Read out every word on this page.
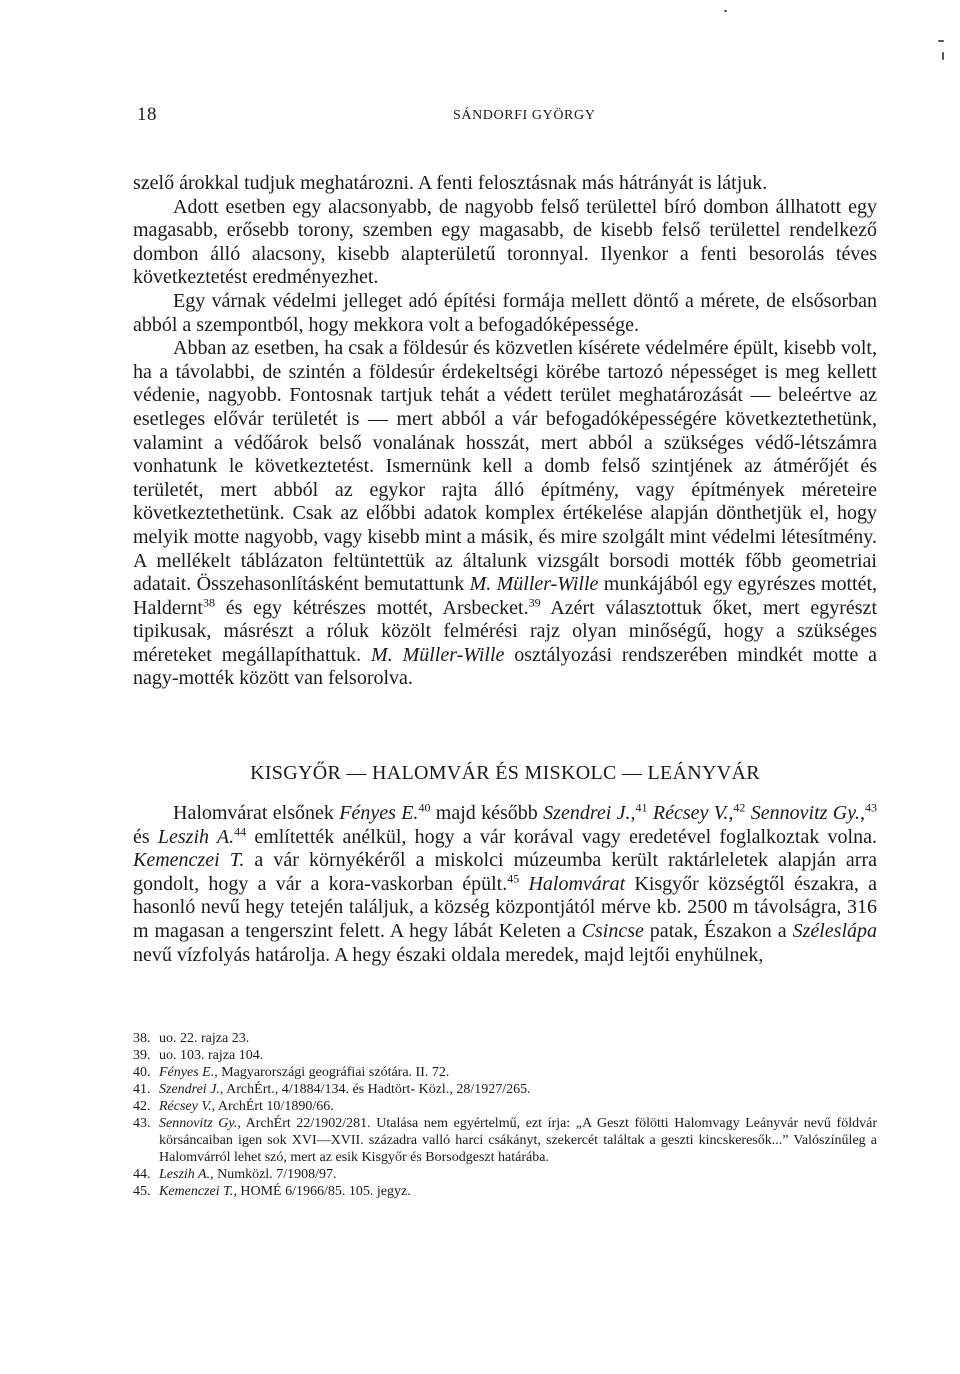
18	SÁNDORFI GYÖRGY

szelő árokkal tudjuk meghatározni. A fenti felosztásnak más hátrányát is látjuk.

Adott esetben egy alacsonyabb, de nagyobb felső területtel bíró dombon állhatott egy magasabb, erősebb torony, szemben egy magasabb, de kisebb felső területtel rendelkező dombon álló alacsony, kisebb alapterületű toronnyal. Ilyenkor a fenti besorolás téves következtetést eredményezhet.

Egy várnak védelmi jelleget adó építési formája mellett döntő a mérete, de elsősorban abból a szempontból, hogy mekkora volt a befogadóképessége.

Abban az esetben, ha csak a földesúr és közvetlen kísérete védelmére épült, kisebb volt, ha a távolabbi, de szintén a földesúr érdekeltségi körébe tartozó népességet is meg kellett védenie, nagyobb. Fontosnak tartjuk tehát a védett terület meghatározását — beleértve az esetleges elővár területét is — mert abból a vár befogadóképességére következtethetünk, valamint a védőárok belső vonalának hosszát, mert abból a szükséges védő-létszámra vonhatunk le következtetést. Ismernünk kell a domb felső szintjének az átmérőjét és területét, mert abból az egykor rajta álló építmény, vagy építmények méreteire következtethetünk. Csak az előbbi adatok komplex értékelése alapján dönthetjük el, hogy melyik motte nagyobb, vagy kisebb mint a másik, és mire szolgált mint védelmi létesítmény. A mellékelt táblázaton feltüntettük az általunk vizsgált borsodi motték főbb geometriai adatait. Összehasonlításként bemutattunk M. Müller-Wille munkájából egy egyrészes mottét, Haldernt$^{38}$ és egy kétrészes mottét, Arsbecket.$^{39}$ Azért választottuk őket, mert egyrészt tipikusak, másrészt a róluk közölt felmérési rajz olyan minőségű, hogy a szükséges méreteket megállapíthattuk. M. Müller-Wille osztályozási rendszerében mindkét motte a nagy-motték között van felsorolva.

KISGYŐR — HALOMVÁR ÉS MISKOLC — LEÁNYVÁR

Halomvárat elsőnek Fényes E.$^{40}$ majd később Szendrei J.,$^{41}$ Récsey V.,$^{42}$ Sennovitz Gy.,$^{43}$ és Leszih A.$^{44}$ említették anélkül, hogy a vár korával vagy eredetével foglalkoztak volna. Kemenczei T. a vár környékéről a miskolci múzeumba került raktárleletek alapján arra gondolt, hogy a vár a kora-vaskorban épült.$^{45}$ Halomvárat Kisgyőr községtől északra, a hasonló nevű hegy tetején találjuk, a község központjától mérve kb. 2500 m távolságra, 316 m magasan a tengerszint felett. A hegy lábát Keleten a Csincse patak, Északon a Széleslápa nevű vízfolyás határolja. A hegy északi oldala meredek, majd lejtői enyhülnek,

38. uo. 22. rajza 23.
39. uo. 103. rajza 104.
40. Fényes E., Magyarországi geográfiai szótára. II. 72.
41. Szendrei J., ArchÉrt., 4/1884/134. és Hadtört- Közl., 28/1927/265.
42. Récsey V., ArchÉrt 10/1890/66.
43. Sennovitz Gy., ArchÉrt 22/1902/281. Utalása nem egyértelmű, ezt írja: „A Geszt fölötti Halomvagy Leányvár nevű földvár körsáncaiban igen sok XVI—XVII. századra valló harci csákányt, szekercét találtak a geszti kincskeresők...” Valószínűleg a Halomvárról lehet szó, mert az esik Kisgyőr és Borsodgeszt határába.
44. Leszih A., Numközl. 7/1908/97.
45. Kemenczei T., HOMÉ 6/1966/85. 105. jegyz.
